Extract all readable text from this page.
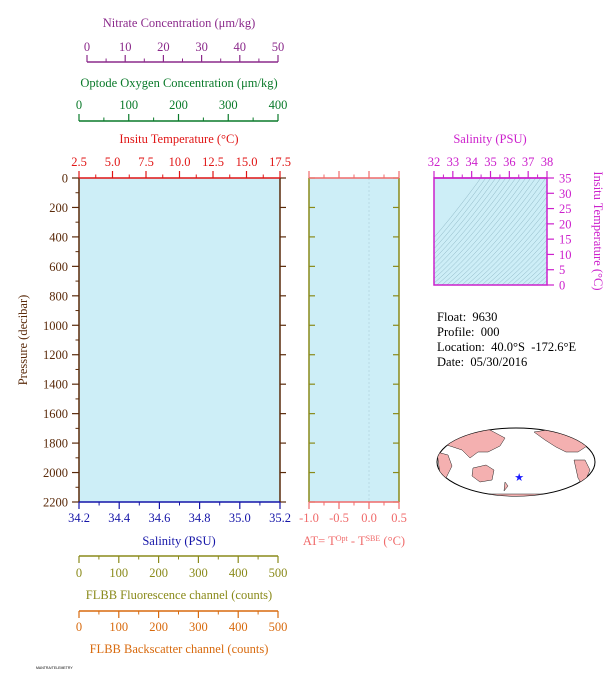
0
200
400
600
800
1000
1200
1400
1600
1800
2000
2200
Pressure (decibar)
Nitrate Concentration (μm/kg)
0 10 20 30 40 50
Optode Oxygen Concentration (μm/kg)
0	100 200 300 400
Insitu Temperature (°C)
2.5 5.0 7.5 10.0 12.5 15.0 17.5
34.2 34.4 34.6 34.8 35.0 35.2
Salinity (PSU)
0 100 200 300 400 500
FLBB Fluorescence channel (counts)
0 100 200 300 400 500
FLBB Backscatter channel (counts)
-1.0 -0.5 0.0 0.5
$AT= T^{Opt} - T^{SBE}$ (°C)
Salinity (PSU)
32 33 34 35 36 37 38
0
5
10
15
20
25
30
35 Insitu Temperature (°C)
★
Float:  9630
Profile:  000
Location:  40.0°S  -172.6°E
Date:  05/30/2016
MANTRA/TELEMETRY
